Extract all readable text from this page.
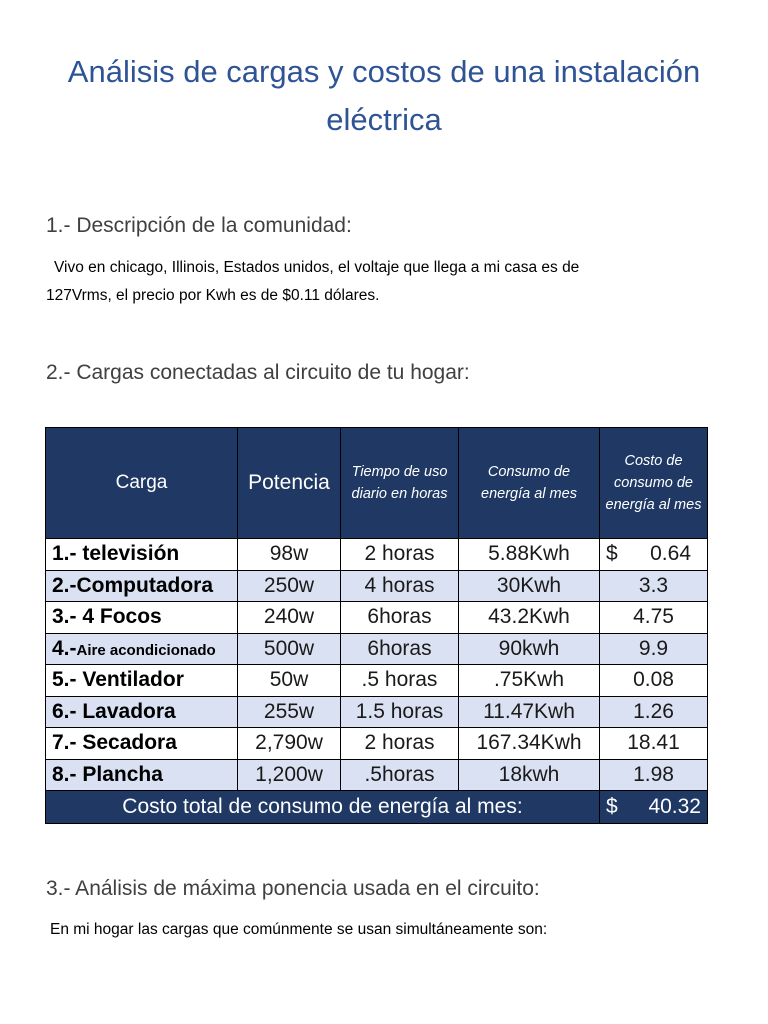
Análisis de cargas y costos de una instalación eléctrica
1.- Descripción de la comunidad:
Vivo en chicago, Illinois, Estados unidos, el voltaje que llega a mi casa es de
127Vrms, el precio por Kwh es de $0.11 dólares.
2.- Cargas conectadas al circuito de tu hogar:
Carga	Potencia	Tiempo de uso diario en horas	Consumo de energía al mes	Costo de consumo de energía al mes
1.- televisión	98w	2 horas	5.88Kwh	$ 0.64

2.-Computadora	250w	4 horas	30Kwh	3.3
3.- 4 Focos	240w	6horas	43.2Kwh	4.75
4.-Aire acondicionado	500w	6horas	90kwh	9.9
5.- Ventilador	50w	.5 horas	.75Kwh	0.08
6.- Lavadora	255w	1.5 horas	11.47Kwh	1.26
7.- Secadora	2,790w	2 horas	167.34Kwh	18.41
8.- Plancha	1,200w	.5horas	18kwh	1.98
Costo total de consumo de energía al mes:				$ 40.32
3.- Análisis de máxima ponencia usada en el circuito:
En mi hogar las cargas que comúnmente se usan simultáneamente son:
